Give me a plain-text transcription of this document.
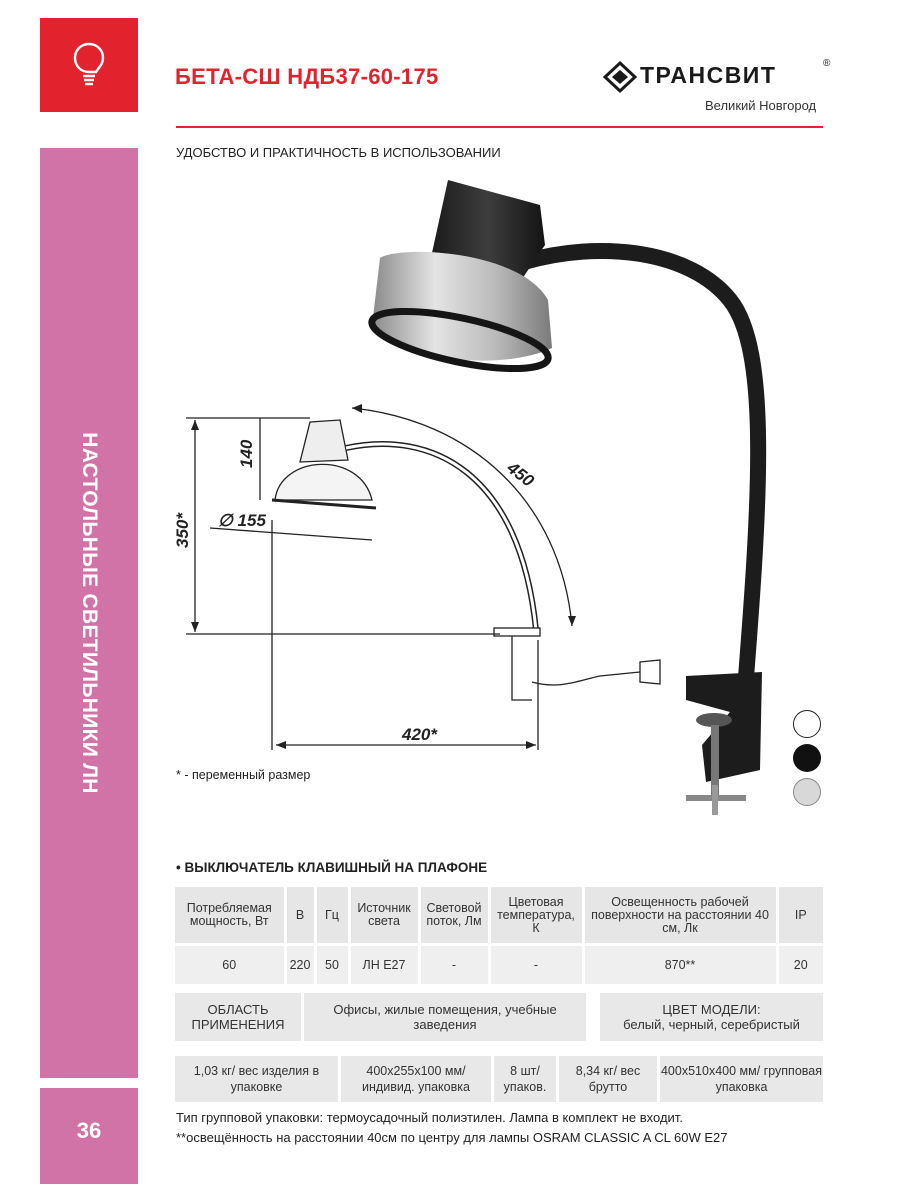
НАСТОЛЬНЫЕ СВЕТИЛЬНИКИ ЛН
36
БЕТА-СШ НДБ37-60-175	ТРАНСВИТ	®
Великий Новгород
УДОБСТВО И ПРАКТИЧНОСТЬ В ИСПОЛЬЗОВАНИИ
140
350* ∅ 155
450
420*
* - переменный размер
• ВЫКЛЮЧАТЕЛЬ КЛАВИШНЫЙ НА ПЛАФОНЕ
Потребляемая мощность, Вт	В	Гц	Источник света	Световой поток, Лм	Цветовая температура, К	Освещенность рабочей поверхности на расстоянии 40 см, Лк	IP
60	220	50	ЛН Е27	-	-	870**	20
ОБЛАСТЬ ПРИМЕНЕНИЯ
Офисы, жилые помещения, учебные заведения
ЦВЕТ МОДЕЛИ:
белый, черный, серебристый
1,03 кг/ вес изделия в упаковке
400х255х100 мм/ индивид. упаковка
8 шт/ упаков.
8,34 кг/ вес брутто
400х510х400 мм/ групповая упаковка
Тип групповой упаковки: термоусадочный полиэтилен. Лампа в комплект не входит.
**освещённость на расстоянии 40см по центру для лампы OSRAM CLASSIC A CL 60W E27
